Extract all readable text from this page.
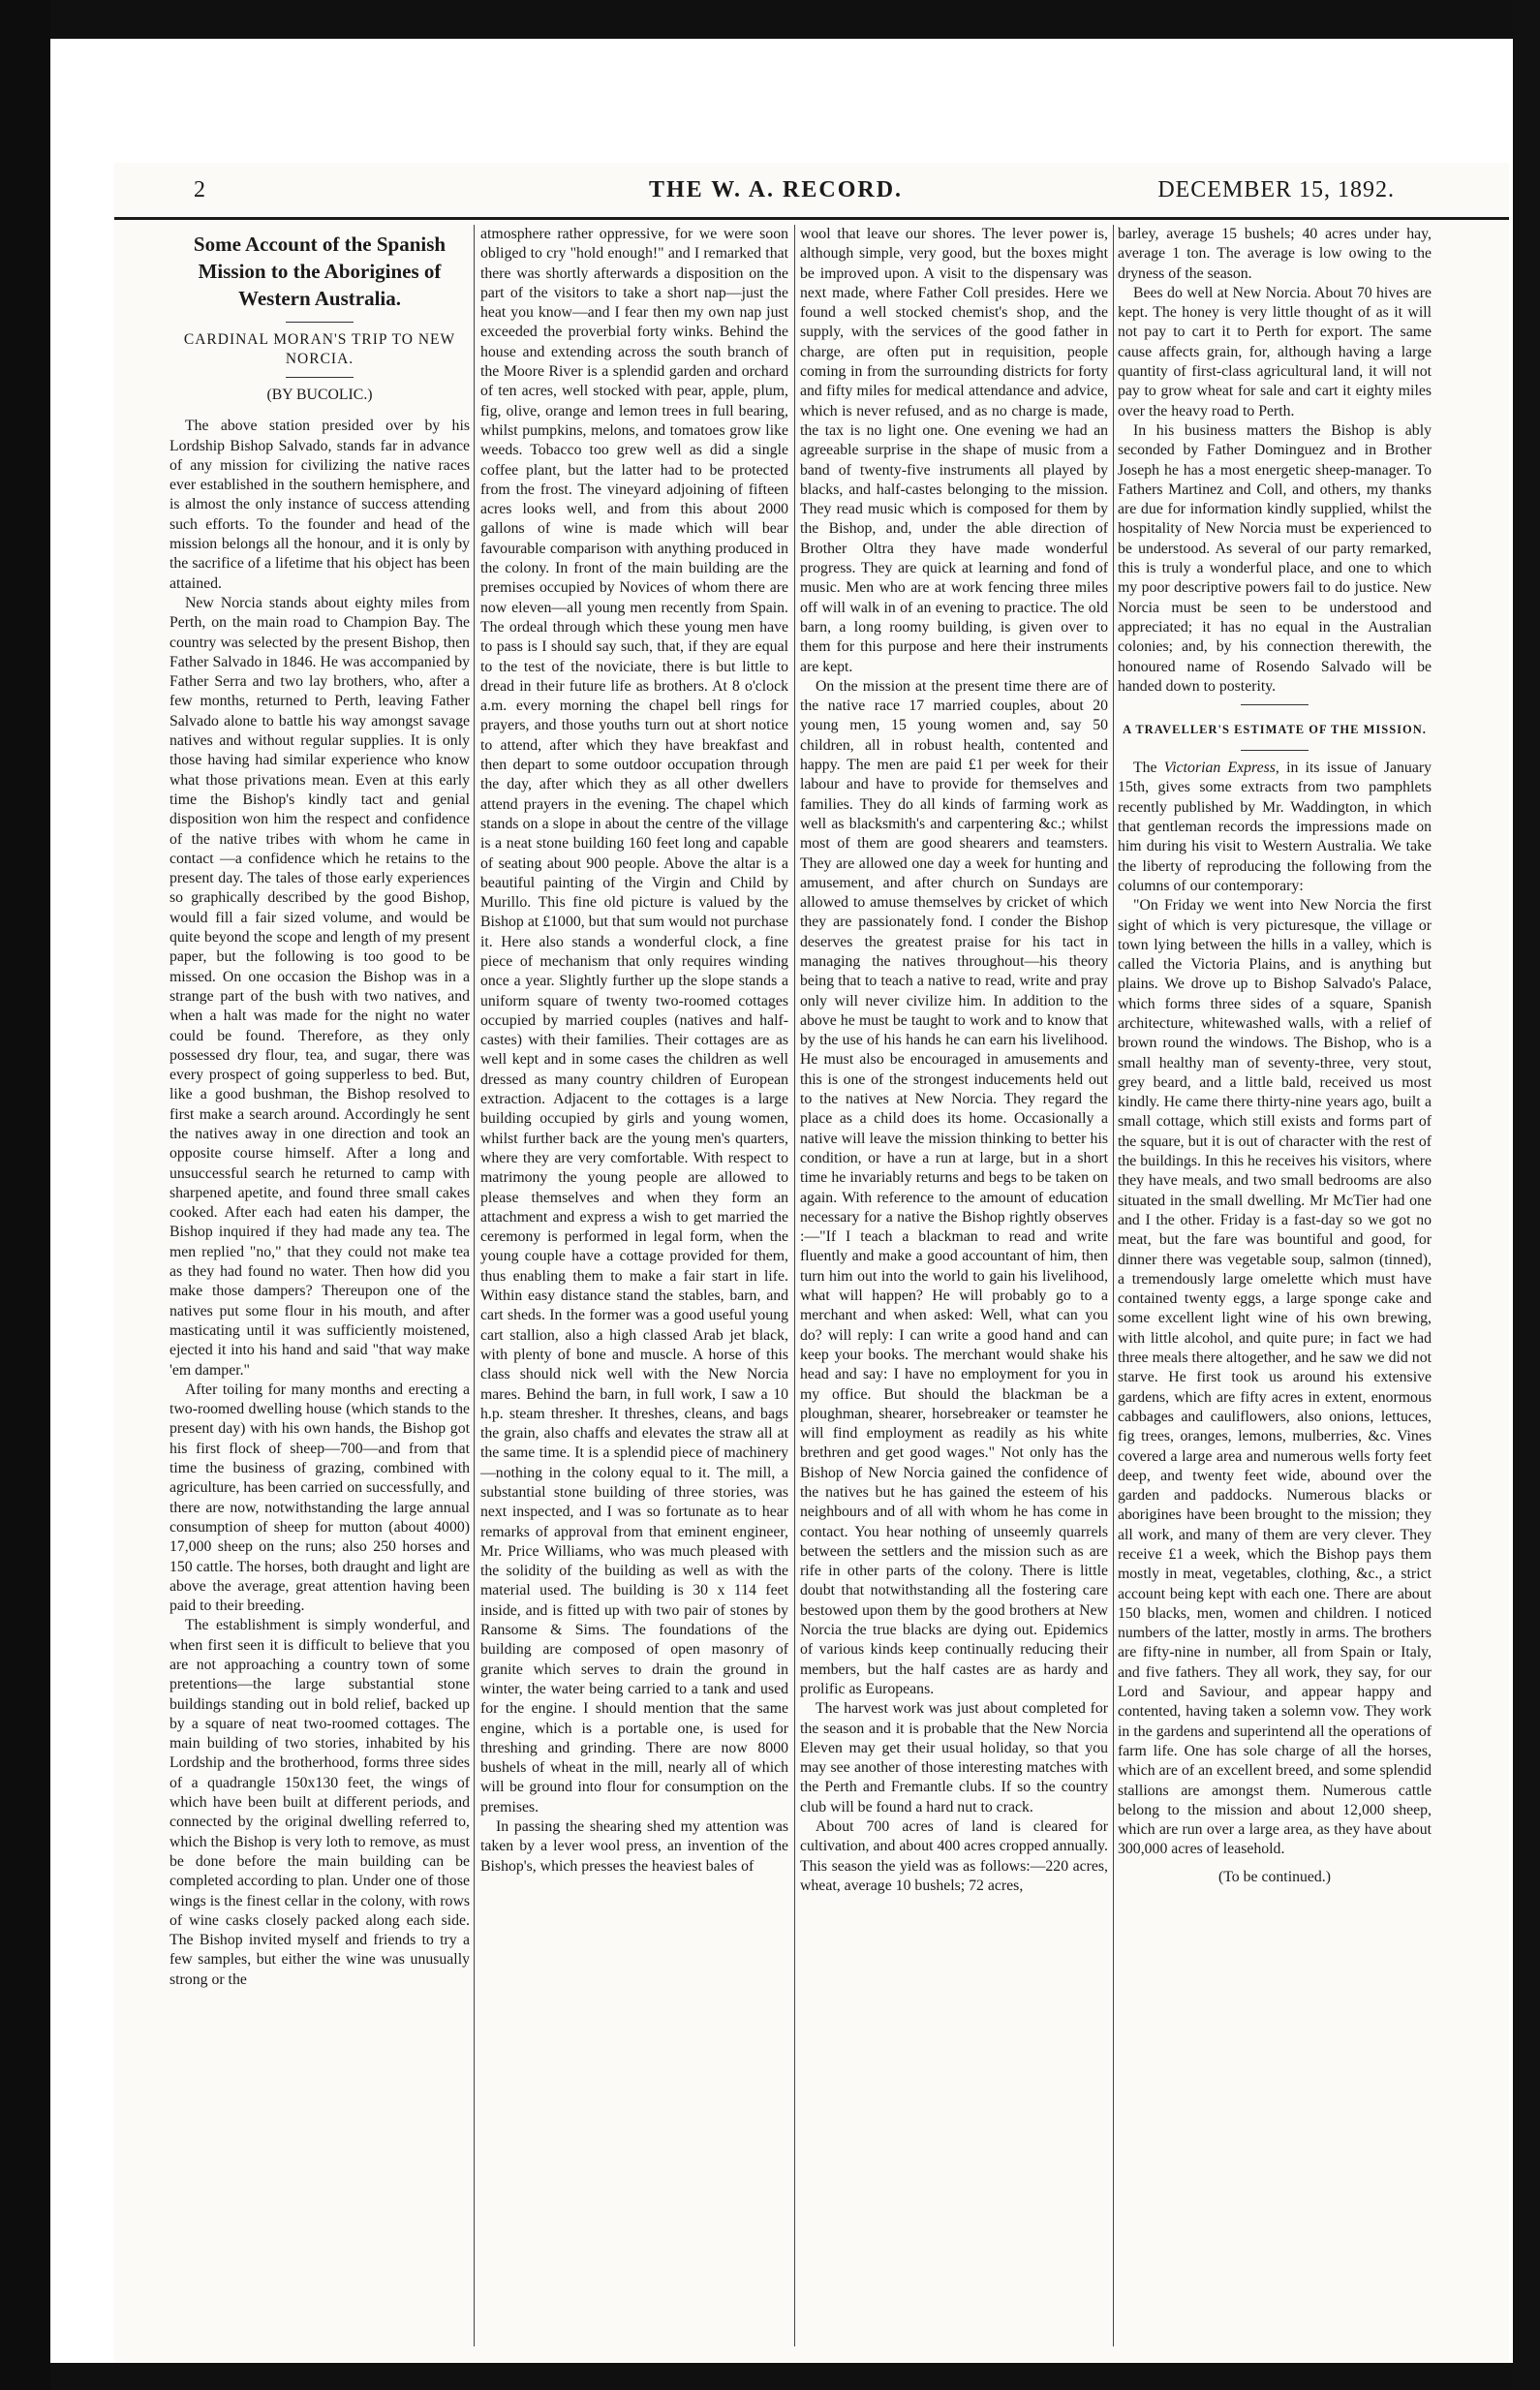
2	THE W. A. RECORD.	DECEMBER 15, 1892.
Some Account of the Spanish Mission to the Aborigines of Western Australia.
CARDINAL MORAN'S TRIP TO NEW NORCIA.
(BY BUCOLIC.)

The above station presided over by his Lordship Bishop Salvado, stands far in advance of any mission for civilizing the native races ever established in the southern hemisphere, and is almost the only instance of success attending such efforts. To the founder and head of the mission belongs all the honour, and it is only by the sacrifice of a lifetime that his object has been attained.

New Norcia stands about eighty miles from Perth, on the main road to Champion Bay. The country was selected by the present Bishop, then Father Salvado in 1846. He was accompanied by Father Serra and two lay brothers, who, after a few months, returned to Perth, leaving Father Salvado alone to battle his way amongst savage natives and without regular supplies. It is only those having had similar experience who know what those privations mean. Even at this early time the Bishop's kindly tact and genial disposition won him the respect and confidence of the native tribes with whom he came in contact —a confidence which he retains to the present day. The tales of those early experiences so graphically described by the good Bishop, would fill a fair sized volume, and would be quite beyond the scope and length of my present paper, but the following is too good to be missed. On one occasion the Bishop was in a strange part of the bush with two natives, and when a halt was made for the night no water could be found. Therefore, as they only possessed dry flour, tea, and sugar, there was every prospect of going supperless to bed. But, like a good bushman, the Bishop resolved to first make a search around. Accordingly he sent the natives away in one direction and took an opposite course himself. After a long and unsuccessful search he returned to camp with sharpened apetite, and found three small cakes cooked. After each had eaten his damper, the Bishop inquired if they had made any tea. The men replied "no," that they could not make tea as they had found no water. Then how did you make those dampers? Thereupon one of the natives put some flour in his mouth, and after masticating until it was sufficiently moistened, ejected it into his hand and said "that way make 'em damper."

After toiling for many months and erecting a two-roomed dwelling house (which stands to the present day) with his own hands, the Bishop got his first flock of sheep—700—and from that time the business of grazing, combined with agriculture, has been carried on successfully, and there are now, notwithstanding the large annual consumption of sheep for mutton (about 4000) 17,000 sheep on the runs; also 250 horses and 150 cattle. The horses, both draught and light are above the average, great attention having been paid to their breeding.

The establishment is simply wonderful, and when first seen it is difficult to believe that you are not approaching a country town of some pretentions—the large substantial stone buildings standing out in bold relief, backed up by a square of neat two-roomed cottages. The main building of two stories, inhabited by his Lordship and the brotherhood, forms three sides of a quadrangle 150x130 feet, the wings of which have been built at different periods, and connected by the original dwelling referred to, which the Bishop is very loth to remove, as must be done before the main building can be completed according to plan. Under one of those wings is the finest cellar in the colony, with rows of wine casks closely packed along each side. The Bishop invited myself and friends to try a few samples, but either the wine was unusually strong or the

atmosphere rather oppressive, for we were soon obliged to cry "hold enough!" and I remarked that there was shortly afterwards a disposition on the part of the visitors to take a short nap—just the heat you know—and I fear then my own nap just exceeded the proverbial forty winks. Behind the house and extending across the south branch of the Moore River is a splendid garden and orchard of ten acres, well stocked with pear, apple, plum, fig, olive, orange and lemon trees in full bearing, whilst pumpkins, melons, and tomatoes grow like weeds. Tobacco too grew well as did a single coffee plant, but the latter had to be protected from the frost. The vineyard adjoining of fifteen acres looks well, and from this about 2000 gallons of wine is made which will bear favourable comparison with anything produced in the colony. In front of the main building are the premises occupied by Novices of whom there are now eleven—all young men recently from Spain. The ordeal through which these young men have to pass is I should say such, that, if they are equal to the test of the noviciate, there is but little to dread in their future life as brothers. At 8 o'clock a.m. every morning the chapel bell rings for prayers, and those youths turn out at short notice to attend, after which they have breakfast and then depart to some outdoor occupation through the day, after which they as all other dwellers attend prayers in the evening. The chapel which stands on a slope in about the centre of the village is a neat stone building 160 feet long and capable of seating about 900 people. Above the altar is a beautiful painting of the Virgin and Child by Murillo. This fine old picture is valued by the Bishop at £1000, but that sum would not purchase it. Here also stands a wonderful clock, a fine piece of mechanism that only requires winding once a year. Slightly further up the slope stands a uniform square of twenty two-roomed cottages occupied by married couples (natives and half-castes) with their families. Their cottages are as well kept and in some cases the children as well dressed as many country children of European extraction. Adjacent to the cottages is a large building occupied by girls and young women, whilst further back are the young men's quarters, where they are very comfortable. With respect to matrimony the young people are allowed to please themselves and when they form an attachment and express a wish to get married the ceremony is performed in legal form, when the young couple have a cottage provided for them, thus enabling them to make a fair start in life. Within easy distance stand the stables, barn, and cart sheds. In the former was a good useful young cart stallion, also a high classed Arab jet black, with plenty of bone and muscle. A horse of this class should nick well with the New Norcia mares. Behind the barn, in full work, I saw a 10 h.p. steam thresher. It threshes, cleans, and bags the grain, also chaffs and elevates the straw all at the same time. It is a splendid piece of machinery—nothing in the colony equal to it. The mill, a substantial stone building of three stories, was next inspected, and I was so fortunate as to hear remarks of approval from that eminent engineer, Mr. Price Williams, who was much pleased with the solidity of the building as well as with the material used. The building is 30 x 114 feet inside, and is fitted up with two pair of stones by Ransome & Sims. The foundations of the building are composed of open masonry of granite which serves to drain the ground in winter, the water being carried to a tank and used for the engine. I should mention that the same engine, which is a portable one, is used for threshing and grinding. There are now 8000 bushels of wheat in the mill, nearly all of which will be ground into flour for consumption on the premises.

In passing the shearing shed my attention was taken by a lever wool press, an invention of the Bishop's, which presses the heaviest bales of

wool that leave our shores. The lever power is, although simple, very good, but the boxes might be improved upon. A visit to the dispensary was next made, where Father Coll presides. Here we found a well stocked chemist's shop, and the supply, with the services of the good father in charge, are often put in requisition, people coming in from the surrounding districts for forty and fifty miles for medical attendance and advice, which is never refused, and as no charge is made, the tax is no light one. One evening we had an agreeable surprise in the shape of music from a band of twenty-five instruments all played by blacks, and half-castes belonging to the mission. They read music which is composed for them by the Bishop, and, under the able direction of Brother Oltra they have made wonderful progress. They are quick at learning and fond of music. Men who are at work fencing three miles off will walk in of an evening to practice. The old barn, a long roomy building, is given over to them for this purpose and here their instruments are kept.

On the mission at the present time there are of the native race 17 married couples, about 20 young men, 15 young women and, say 50 children, all in robust health, contented and happy. The men are paid £1 per week for their labour and have to provide for themselves and families. They do all kinds of farming work as well as blacksmith's and carpentering &c.; whilst most of them are good shearers and teamsters. They are allowed one day a week for hunting and amusement, and after church on Sundays are allowed to amuse themselves by cricket of which they are passionately fond. I conder the Bishop deserves the greatest praise for his tact in managing the natives throughout—his theory being that to teach a native to read, write and pray only will never civilize him. In addition to the above he must be taught to work and to know that by the use of his hands he can earn his livelihood. He must also be encouraged in amusements and this is one of the strongest inducements held out to the natives at New Norcia. They regard the place as a child does its home. Occasionally a native will leave the mission thinking to better his condition, or have a run at large, but in a short time he invariably returns and begs to be taken on again. With reference to the amount of education necessary for a native the Bishop rightly observes :—"If I teach a blackman to read and write fluently and make a good accountant of him, then turn him out into the world to gain his livelihood, what will happen? He will probably go to a merchant and when asked: Well, what can you do? will reply: I can write a good hand and can keep your books. The merchant would shake his head and say: I have no employment for you in my office. But should the blackman be a ploughman, shearer, horsebreaker or teamster he will find employment as readily as his white brethren and get good wages." Not only has the Bishop of New Norcia gained the confidence of the natives but he has gained the esteem of his neighbours and of all with whom he has come in contact. You hear nothing of unseemly quarrels between the settlers and the mission such as are rife in other parts of the colony. There is little doubt that notwithstanding all the fostering care bestowed upon them by the good brothers at New Norcia the true blacks are dying out. Epidemics of various kinds keep continually reducing their members, but the half castes are as hardy and prolific as Europeans.

The harvest work was just about completed for the season and it is probable that the New Norcia Eleven may get their usual holiday, so that you may see another of those interesting matches with the Perth and Fremantle clubs. If so the country club will be found a hard nut to crack.

About 700 acres of land is cleared for cultivation, and about 400 acres cropped annually. This season the yield was as follows:—220 acres, wheat, average 10 bushels; 72 acres,

barley, average 15 bushels; 40 acres under hay, average 1 ton. The average is low owing to the dryness of the season.

Bees do well at New Norcia. About 70 hives are kept. The honey is very little thought of as it will not pay to cart it to Perth for export. The same cause affects grain, for, although having a large quantity of first-class agricultural land, it will not pay to grow wheat for sale and cart it eighty miles over the heavy road to Perth.

In his business matters the Bishop is ably seconded by Father Dominguez and in Brother Joseph he has a most energetic sheep-manager. To Fathers Martinez and Coll, and others, my thanks are due for information kindly supplied, whilst the hospitality of New Norcia must be experienced to be understood. As several of our party remarked, this is truly a wonderful place, and one to which my poor descriptive powers fail to do justice. New Norcia must be seen to be understood and appreciated; it has no equal in the Australian colonies; and, by his connection therewith, the honoured name of Rosendo Salvado will be handed down to posterity.

A TRAVELLER'S ESTIMATE OF THE MISSION.

The Victorian Express, in its issue of January 15th, gives some extracts from two pamphlets recently published by Mr. Waddington, in which that gentleman records the impressions made on him during his visit to Western Australia. We take the liberty of reproducing the following from the columns of our contemporary:

"On Friday we went into New Norcia the first sight of which is very picturesque, the village or town lying between the hills in a valley, which is called the Victoria Plains, and is anything but plains. We drove up to Bishop Salvado's Palace, which forms three sides of a square, Spanish architecture, whitewashed walls, with a relief of brown round the windows. The Bishop, who is a small healthy man of seventy-three, very stout, grey beard, and a little bald, received us most kindly. He came there thirty-nine years ago, built a small cottage, which still exists and forms part of the square, but it is out of character with the rest of the buildings. In this he receives his visitors, where they have meals, and two small bedrooms are also situated in the small dwelling. Mr McTier had one and I the other. Friday is a fast-day so we got no meat, but the fare was bountiful and good, for dinner there was vegetable soup, salmon (tinned), a tremendously large omelette which must have contained twenty eggs, a large sponge cake and some excellent light wine of his own brewing, with little alcohol, and quite pure; in fact we had three meals there altogether, and he saw we did not starve. He first took us around his extensive gardens, which are fifty acres in extent, enormous cabbages and cauliflowers, also onions, lettuces, fig trees, oranges, lemons, mulberries, &c. Vines covered a large area and numerous wells forty feet deep, and twenty feet wide, abound over the garden and paddocks. Numerous blacks or aborigines have been brought to the mission; they all work, and many of them are very clever. They receive £1 a week, which the Bishop pays them mostly in meat, vegetables, clothing, &c., a strict account being kept with each one. There are about 150 blacks, men, women and children. I noticed numbers of the latter, mostly in arms. The brothers are fifty-nine in number, all from Spain or Italy, and five fathers. They all work, they say, for our Lord and Saviour, and appear happy and contented, having taken a solemn vow. They work in the gardens and superintend all the operations of farm life. One has sole charge of all the horses, which are of an excellent breed, and some splendid stallions are amongst them. Numerous cattle belong to the mission and about 12,000 sheep, which are run over a large area, as they have about 300,000 acres of leasehold.

(To be continued.)
